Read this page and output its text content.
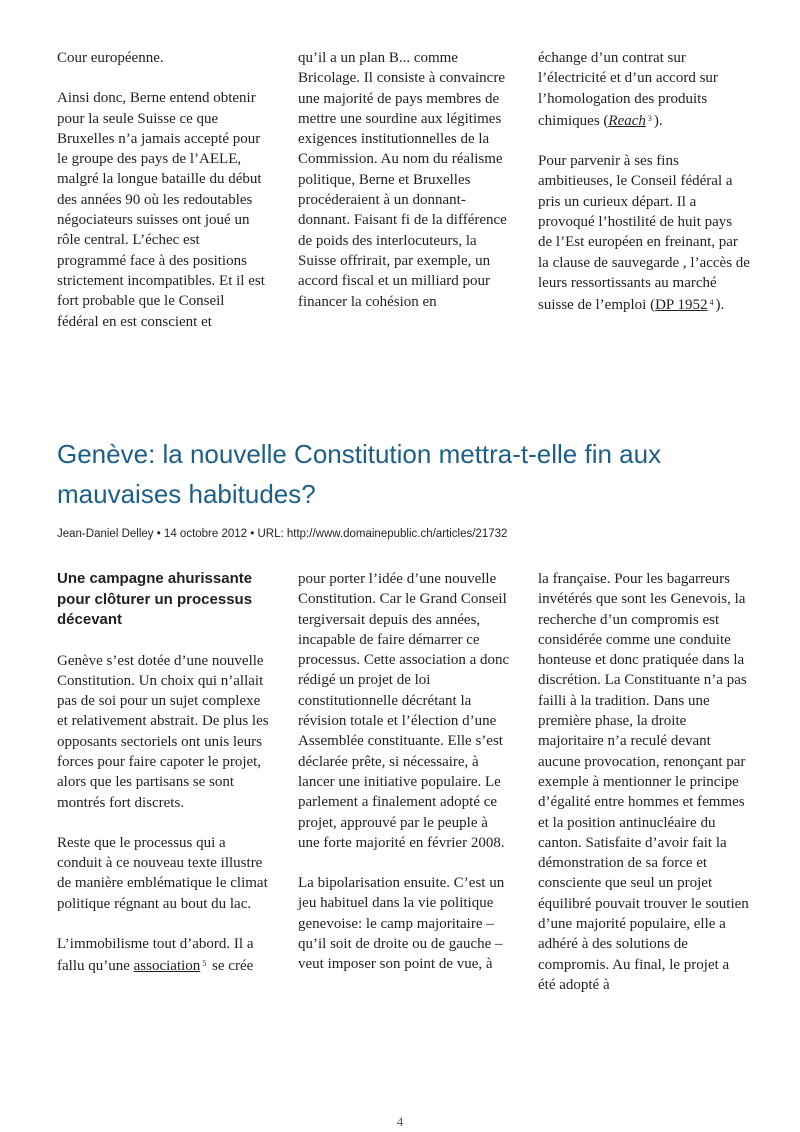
Cour européenne.

Ainsi donc, Berne entend obtenir pour la seule Suisse ce que Bruxelles n’a jamais accepté pour le groupe des pays de l’AELE, malgré la longue bataille du début des années 90 où les redoutables négociateurs suisses ont joué un rôle central. L’échec est programmé face à des positions strictement incompatibles. Et il est fort probable que le Conseil fédéral en est conscient et

qu’il a un plan B... comme Bricolage. Il consiste à convaincre une majorité de pays membres de mettre une sourdine aux légitimes exigences institutionnelles de la Commission. Au nom du réalisme politique, Berne et Bruxelles procéderaient à un donnant-donnant. Faisant fi de la différence de poids des interlocuteurs, la Suisse offrirait, par exemple, un accord fiscal et un milliard pour financer la cohésion en

échange d’un contrat sur l’électricité et d’un accord sur l’homologation des produits chimiques (Reach $^3$ ).

Pour parvenir à ses fins ambitieuses, le Conseil fédéral a pris un curieux départ. Il a provoqué l’hostilité de huit pays de l’Est européen en freinant, par la clause de sauvegarde , l’accès de leurs ressortissants au marché suisse de l’emploi (DP 1952 $^4$ ).

Genève: la nouvelle Constitution mettra-t-elle fin aux mauvaises habitudes?

Jean-Daniel Delley • 14 octobre 2012 • URL: http://www.domainepublic.ch/articles/21732

Une campagne ahurissante pour clôturer un processus décevant

Genève s’est dotée d’une nouvelle Constitution. Un choix qui n’allait pas de soi pour un sujet complexe et relativement abstrait. De plus les opposants sectoriels ont unis leurs forces pour faire capoter le projet, alors que les partisans se sont montrés fort discrets.

Reste que le processus qui a conduit à ce nouveau texte illustre de manière emblématique le climat politique régnant au bout du lac.

L’immobilisme tout d’abord. Il a fallu qu’une association $^5$ se crée

pour porter l’idée d’une nouvelle Constitution. Car le Grand Conseil tergiversait depuis des années, incapable de faire démarrer ce processus. Cette association a donc rédigé un projet de loi constitutionnelle décrétant la révision totale et l’élection d’une Assemblée constituante. Elle s’est déclarée prête, si nécessaire, à lancer une initiative populaire. Le parlement a finalement adopté ce projet, approuvé par le peuple à une forte majorité en février 2008.

La bipolarisation ensuite. C’est un jeu habituel dans la vie politique genevoise: le camp majoritaire – qu’il soit de droite ou de gauche – veut imposer son point de vue, à

la française. Pour les bagarreurs invétérés que sont les Genevois, la recherche d’un compromis est considérée comme une conduite honteuse et donc pratiquée dans la discrétion. La Constituante n’a pas failli à la tradition. Dans une première phase, la droite majoritaire n’a reculé devant aucune provocation, renonçant par exemple à mentionner le principe d’égalité entre hommes et femmes et la position antinucléaire du canton. Satisfaite d’avoir fait la démonstration de sa force et consciente que seul un projet équilibré pouvait trouver le soutien d’une majorité populaire, elle a adhéré à des solutions de compromis. Au final, le projet a été adopté à

4
